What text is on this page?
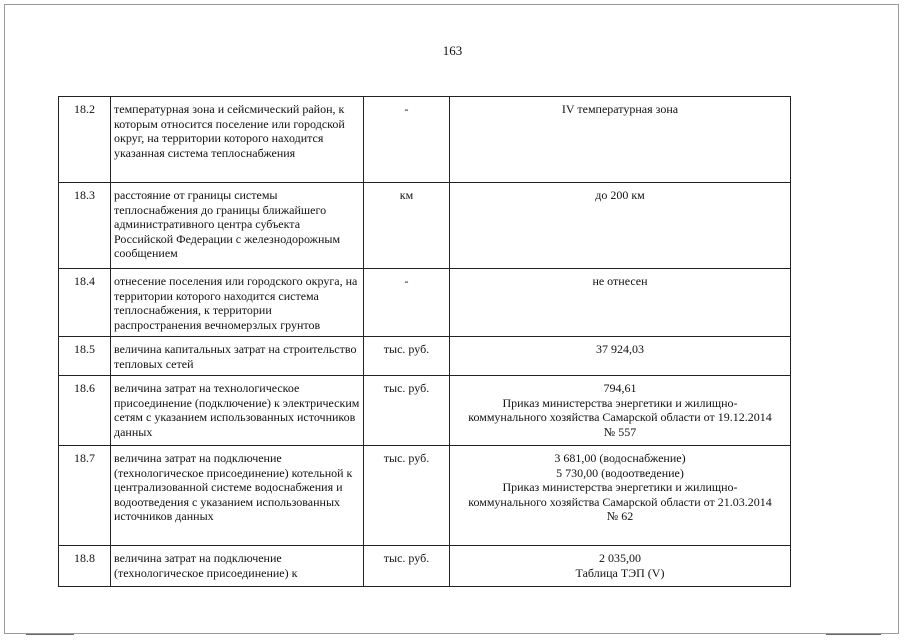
163
18.2	температурная зона и сейсмический район, к которым относится поселение или городской округ, на территории которого находится указанная система теплоснабжения	-	IV температурная зона

18.3	расстояние от границы системы теплоснабжения до границы ближайшего административного центра субъекта Российской Федерации с железнодорожным сообщением	км	до 200 км

18.4	отнесение поселения или городского округа, на территории которого находится система теплоснабжения, к территории распространения вечномерзлых грунтов	-	не отнесен

18.5	величина капитальных затрат на строительство тепловых сетей	тыс. руб.	37 924,03

18.6	величина затрат на технологическое присоединение (подключение) к электрическим сетям с указанием использованных источников данных	тыс. руб.	794,61
Приказ министерства энергетики и жилищно-
коммунального хозяйства Самарской области от 19.12.2014
№ 557

18.7	величина затрат на подключение (технологическое присоединение) котельной к централизованной системе водоснабжения и водоотведения с указанием использованных источников данных	тыс. руб.	3 681,00 (водоснабжение)
5 730,00 (водоотведение)
Приказ министерства энергетики и жилищно-
коммунального хозяйства Самарской области от 21.03.2014
№ 62

18.8	величина затрат на подключение (технологическое присоединение) к	тыс. руб.	2 035,00
Таблица ТЭП (V)
